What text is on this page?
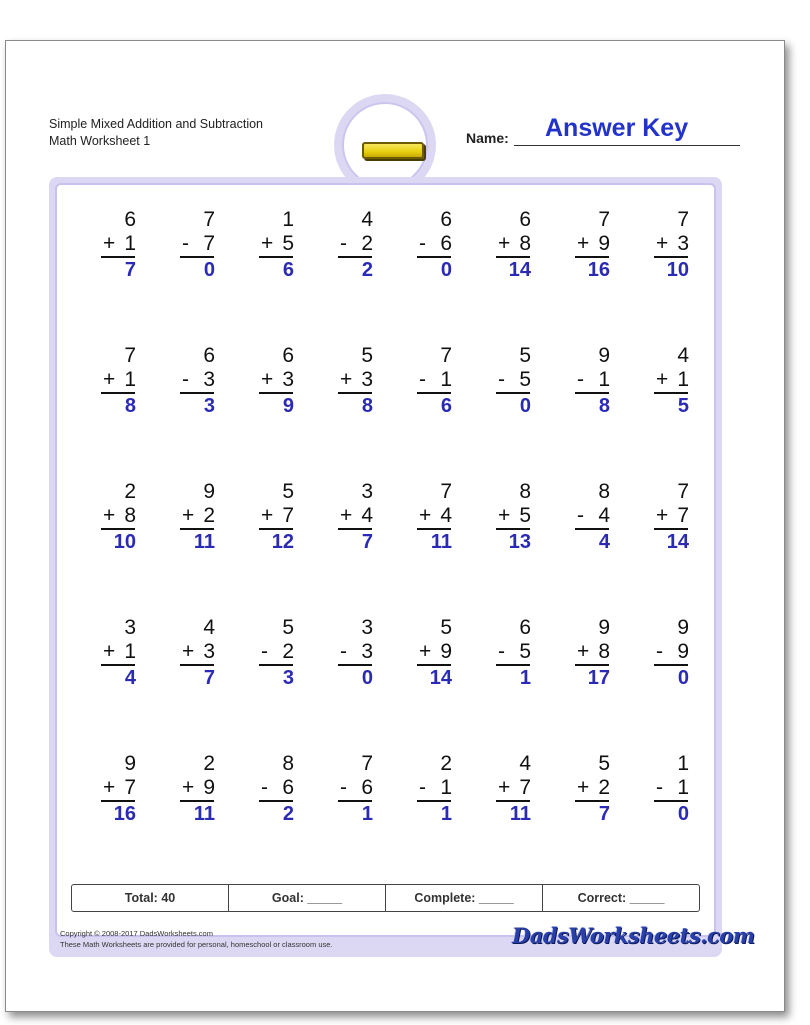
Simple Mixed Addition and Subtraction
Math Worksheet 1	Name: Answer Key
6
+ 1
7
7
- 7
0
1
+ 5
6
4
- 2
2
6
- 6
0
6
+ 8
14
7
+ 9
16
7
+ 3
10
7
+ 1
8
6
- 3
3
6
+ 3
9
5
+ 3
8
7
- 1
6
5
- 5
0
9
- 1
8
4
+ 1
5
2
+ 8
10
9
+ 2
11
5
+ 7
12
3
+ 4
7
7
+ 4
11
8
+ 5
13
8
- 4
4
7
+ 7
14
3
+ 1
4
4
+ 3
7
5
- 2
3
3
- 3
0
5
+ 9
14
6
- 5
1
9
+ 8
17
9
- 9
0
9
+ 7
16
2
+ 9
11
8
- 6
2
7
- 6
1
2
- 1
1
4
+ 7
11
5
+ 2
7
1
- 1
0
Total: 40	Goal: _____	Complete: _____	Correct: _____
Copyright © 2008-2017 DadsWorksheets.com
These Math Worksheets are provided for personal, homeschool or classroom use.	DadsWorksheets.com
